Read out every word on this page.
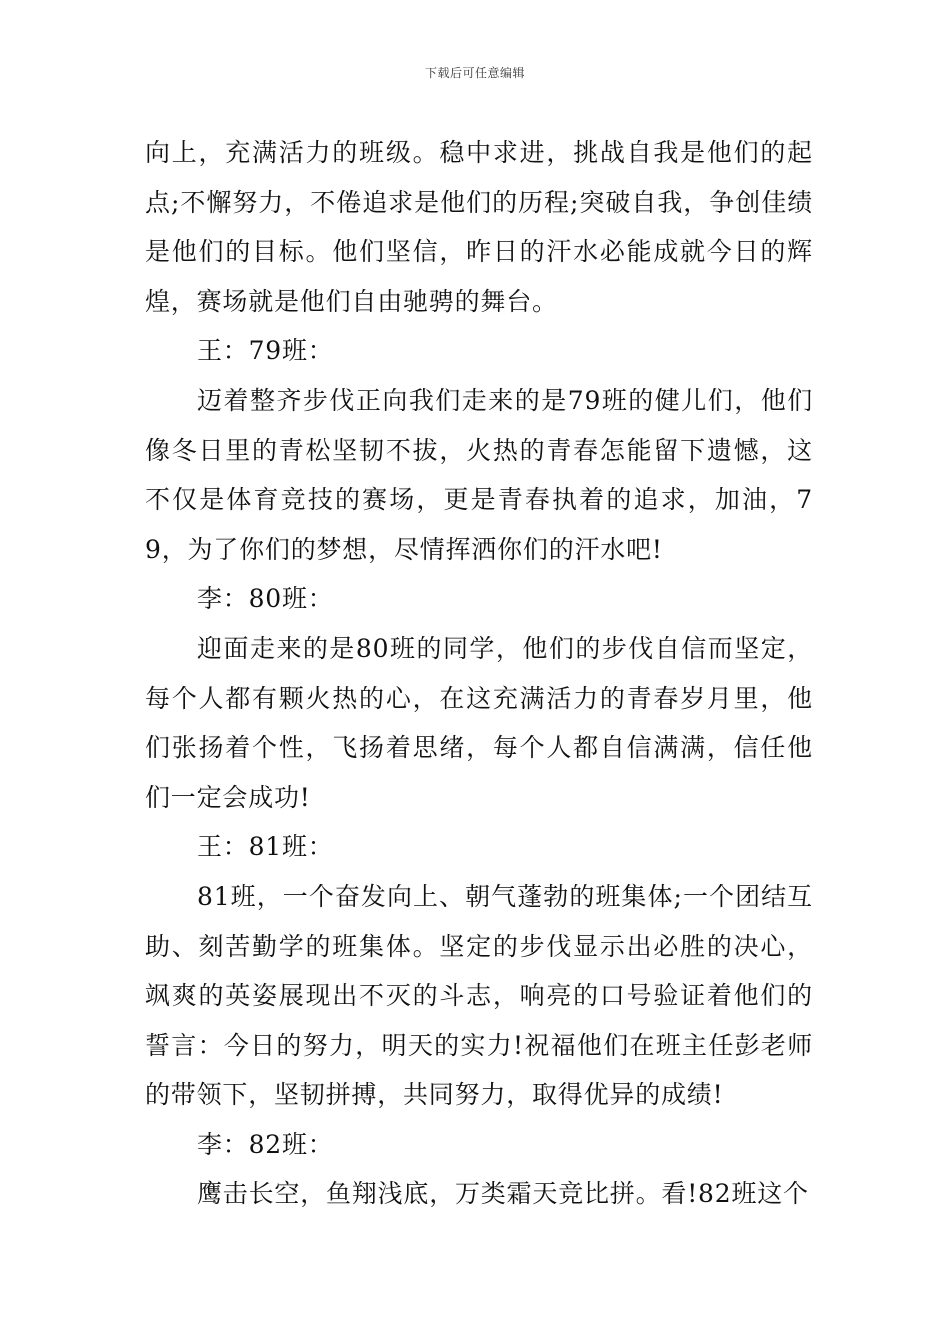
下载后可任意编辑

向上，充满活力的班级。稳中求进，挑战自我是他们的起点;不懈努力，不倦追求是他们的历程;突破自我，争创佳绩是他们的目标。他们坚信，昨日的汗水必能成就今日的辉煌，赛场就是他们自由驰骋的舞台。

王：79班：

迈着整齐步伐正向我们走来的是79班的健儿们，他们像冬日里的青松坚韧不拔，火热的青春怎能留下遗憾，这不仅是体育竞技的赛场，更是青春执着的追求，加油，79，为了你们的梦想，尽情挥洒你们的汗水吧!

李：80班：

迎面走来的是80班的同学，他们的步伐自信而坚定，每个人都有颗火热的心，在这充满活力的青春岁月里，他们张扬着个性，飞扬着思绪，每个人都自信满满，信任他们一定会成功!

王：81班：

81班，一个奋发向上、朝气蓬勃的班集体;一个团结互助、刻苦勤学的班集体。坚定的步伐显示出必胜的决心，飒爽的英姿展现出不灭的斗志，响亮的口号验证着他们的誓言：今日的努力，明天的实力!祝福他们在班主任彭老师的带领下，坚韧拼搏，共同努力，取得优异的成绩!

李：82班：

鹰击长空，鱼翔浅底，万类霜天竞比拼。看!82班这个
